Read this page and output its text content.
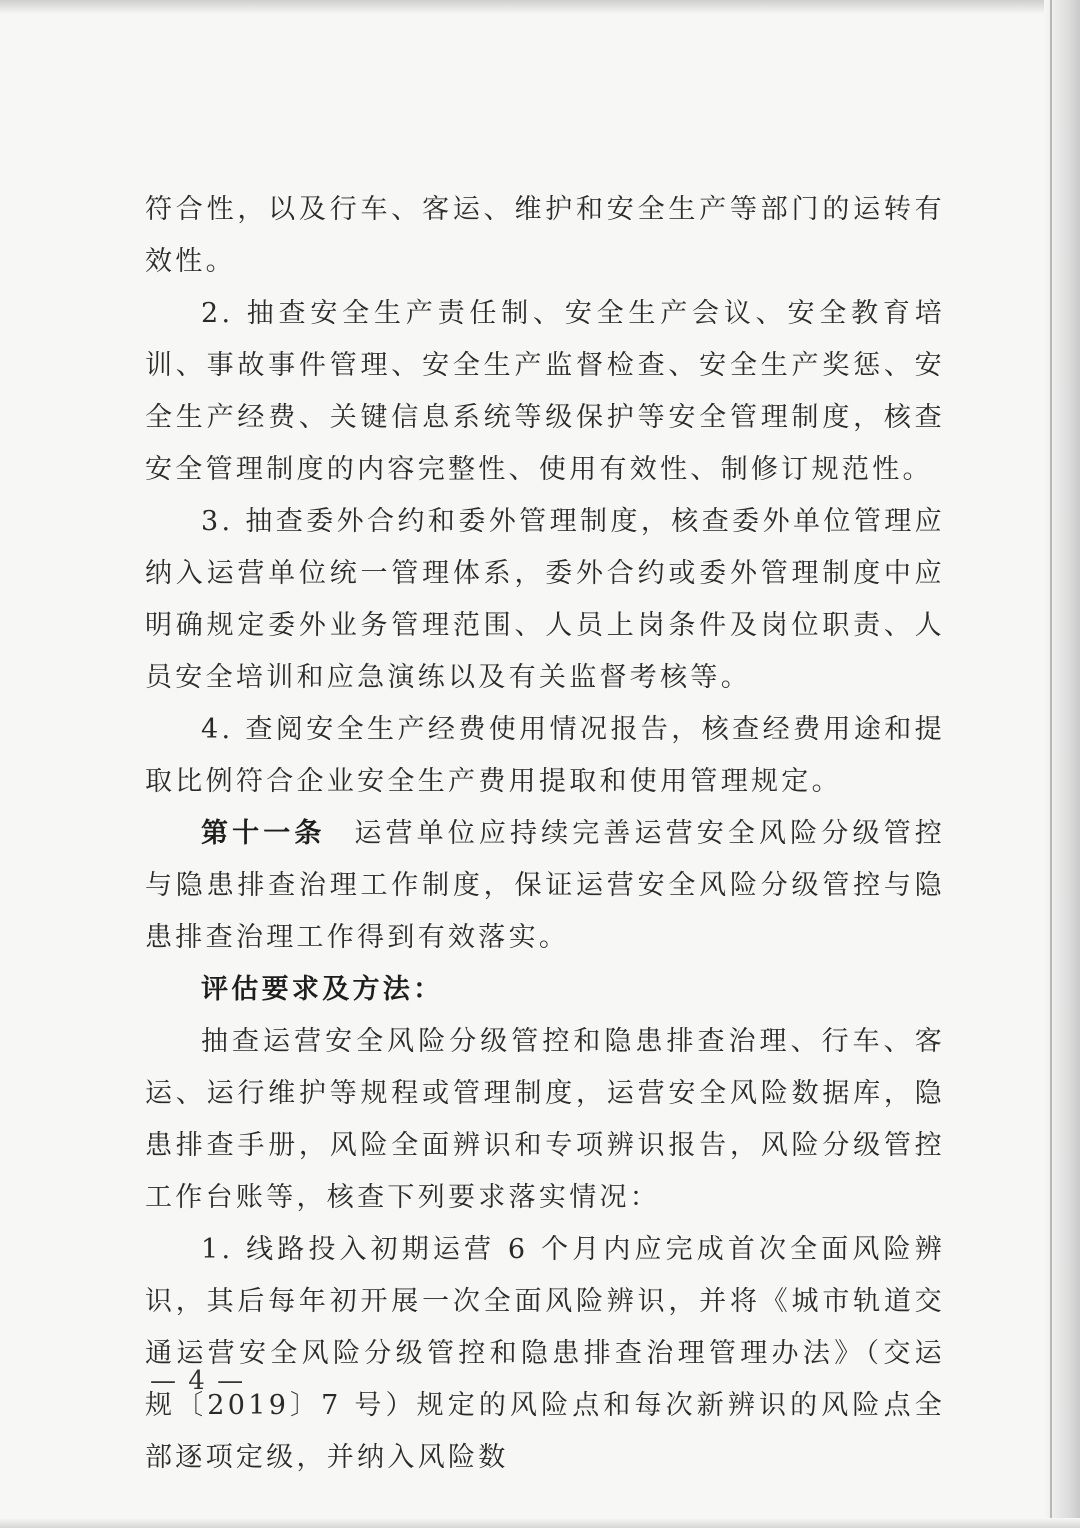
符合性，以及行车、客运、维护和安全生产等部门的运转有效性。

2. 抽查安全生产责任制、安全生产会议、安全教育培训、事故事件管理、安全生产监督检查、安全生产奖惩、安全生产经费、关键信息系统等级保护等安全管理制度，核查安全管理制度的内容完整性、使用有效性、制修订规范性。

3. 抽查委外合约和委外管理制度，核查委外单位管理应纳入运营单位统一管理体系，委外合约或委外管理制度中应明确规定委外业务管理范围、人员上岗条件及岗位职责、人员安全培训和应急演练以及有关监督考核等。

4. 查阅安全生产经费使用情况报告，核查经费用途和提取比例符合企业安全生产费用提取和使用管理规定。

第十一条 运营单位应持续完善运营安全风险分级管控与隐患排查治理工作制度，保证运营安全风险分级管控与隐患排查治理工作得到有效落实。

评估要求及方法：

抽查运营安全风险分级管控和隐患排查治理、行车、客运、运行维护等规程或管理制度，运营安全风险数据库，隐患排查手册，风险全面辨识和专项辨识报告，风险分级管控工作台账等，核查下列要求落实情况：

1. 线路投入初期运营 6 个月内应完成首次全面风险辨识，其后每年初开展一次全面风险辨识，并将《城市轨道交通运营安全风险分级管控和隐患排查治理管理办法》（交运规〔2019〕7 号）规定的风险点和每次新辨识的风险点全部逐项定级，并纳入风险数

— 4 —
